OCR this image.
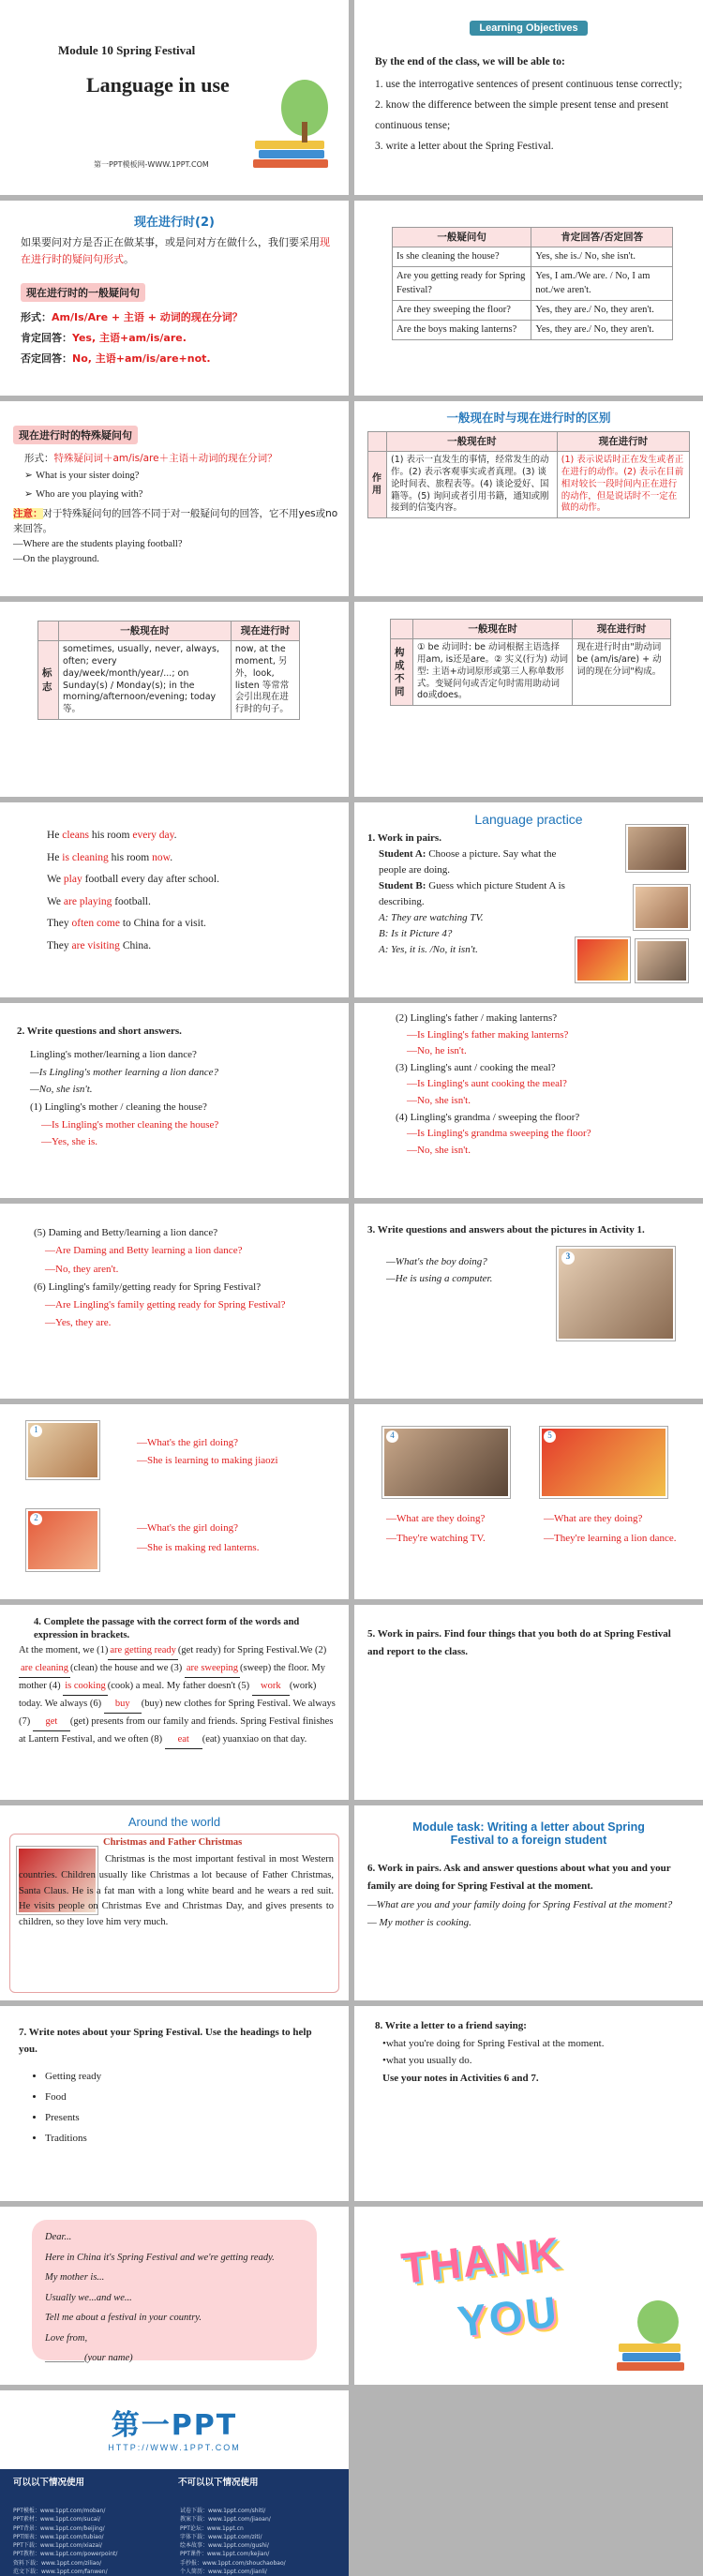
Module 10 Spring Festival
Language in use
第一PPT模板网-WWW.1PPT.COM
Learning Objectives
By the end of the class, we will be able to:
1. use the interrogative sentences of present continuous tense correctly;
2. know the difference between the simple present tense and present continuous tense;
3. write a letter about the Spring Festival.
现在进行时(2)
如果要问对方是否正在做某事，或是问对方在做什么，我们要采用现在进行时的疑问句形式。
现在进行时的一般疑问句
形式：Am/Is/Are + 主语 + 动词的现在分词？
肯定回答：Yes, 主语+am/is/are.
否定回答：No, 主语+am/is/are+not.
一般疑问句	肯定回答/否定回答
Is she cleaning the house?	Yes, she is./ No, she isn't.
Are you getting ready for Spring Festival?	Yes, I am./We are. / No, I am not./we aren't.
Are they sweeping the floor?	Yes, they are./ No, they aren't.
Are the boys making lanterns?	Yes, they are./ No, they aren't.
现在进行时的特殊疑问句
形式：特殊疑问词＋am/is/are＋主语＋动词的现在分词？
➢ What is your sister doing?
➢ Who are you playing with?
注意：对于特殊疑问句的回答不同于对一般疑问句的回答，它不用yes或no来回答。
—Where are the students playing football?
—On the playground.
一般现在时与现在进行时的区别
	一般现在时	现在进行时
作用	(1) 表示一直发生的事情，经常发生的动作。(2) 表示客观事实或者真理。(3) 谈论时间表、旅程表等。(4) 谈论爱好、国籍等。(5) 询问或者引用书籍，通知或刚接到的信笺内容。	(1) 表示说话时正在发生或者正在进行的动作。(2) 表示在目前相对较长一段时间内正在进行的动作，但是说话时不一定在做的动作。
	一般现在时	现在进行时
标志	sometimes, usually, never, always, often; every day/week/month/year/...; on Sunday(s) / Monday(s); in the morning/afternoon/evening; today 等。	now, at the moment, 另外，look, listen 等常常会引出现在进行时的句子。
	一般现在时	现在进行时
构成不同	① be 动词时: be 动词根据主语选择用am, is还是are。② 实义(行为) 动词型: 主语+动词原形或第三人称单数形式。变疑问句或否定句时需用助动词do或does。	现在进行时由"助动词be (am/is/are) + 动词的现在分词"构成。
He cleans his room every day.
He is cleaning his room now.
We play football every day after school.
We are playing football.
They often come to China for a visit.
They are visiting China.
Language practice
1. Work in pairs.
Student A: Choose a picture. Say what the people are doing.
Student B: Guess which picture Student A is describing.
A: They are watching TV.
B: Is it Picture 4?
A: Yes, it is. /No, it isn't.
2. Write questions and short answers.
Lingling's mother/learning a lion dance?
—Is Lingling's mother learning a lion dance?
—No, she isn't.
(1) Lingling's mother / cleaning the house?
—Is Lingling's mother cleaning the house?
—Yes, she is.
(2) Lingling's father / making lanterns?
—Is Lingling's father making lanterns?
—No, he isn't.
(3) Lingling's aunt / cooking the meal?
—Is Lingling's aunt cooking the meal?
—No, she isn't.
(4) Lingling's grandma / sweeping the floor?
—Is Lingling's grandma sweeping the floor?
—No, she isn't.
(5) Daming and Betty/learning a lion dance?
—Are Daming and Betty learning a lion dance?
—No, they aren't.
(6) Lingling's family/getting ready for Spring Festival?
—Are Lingling's family getting ready for Spring Festival?
—Yes, they are.
3. Write questions and answers about the pictures in Activity 1.
—What's the boy doing?
—He is using a computer.
3
1
—What's the girl doing?
—She is learning to making jiaozi
2
—What's the girl doing?
—She is making red lanterns.
4	5
—What are they doing?
—They're watching TV.
—What are they doing?
—They're learning a lion dance.
4. Complete the passage with the correct form of the words and expression in brackets.
At the moment, we (1) are getting ready (get ready) for Spring Festival.We (2) are cleaning (clean) the house and we (3) are sweeping (sweep) the floor. My mother (4) is cooking (cook) a meal. My father doesn't (5) work (work) today. We always (6) buy (buy) new clothes for Spring Festival. We always (7) get (get) presents from our family and friends. Spring Festival finishes at Lantern Festival, and we often (8) eat (eat) yuanxiao on that day.
5. Work in pairs. Find four things that you both do at Spring Festival and report to the class.
Around the world
Christmas and Father Christmas
Christmas is the most important festival in most Western countries. Children usually like Christmas a lot because of Father Christmas, Santa Claus. He is a fat man with a long white beard and he wears a red suit. He visits people on Christmas Eve and Christmas Day, and gives presents to children, so they love him very much.
Module task: Writing a letter about Spring Festival to a foreign student
6. Work in pairs. Ask and answer questions about what you and your family are doing for Spring Festival at the moment.
—What are you and your family doing for Spring Festival at the moment?
— My mother is cooking.
7. Write notes about your Spring Festival. Use the headings to help you.
• Getting ready
• Food
• Presents
• Traditions
8. Write a letter to a friend saying:
•what you're doing for Spring Festival at the moment.
•what you usually do.
Use your notes in Activities 6 and 7.
Dear...
Here in China it's Spring Festival and we're getting ready.
My mother is...
Usually we...and we...
Tell me about a festival in your country.
Love from,
________(your name)
THANK
YOU
第一PPT
HTTP://WWW.1PPT.COM
可以以下情况使用	不可以以下情况使用
PPT模板：www.1ppt.com/moban/
PPT素材：www.1ppt.com/sucai/
PPT背景：www.1ppt.com/beijing/
PPT图表：www.1ppt.com/tubiao/
PPT下载：www.1ppt.com/xiazai/
PPT教程：www.1ppt.com/powerpoint/
资料下载：www.1ppt.com/ziliao/
范文下载：www.1ppt.com/fanwen/
试卷下载：www.1ppt.com/shiti/
教案下载：www.1ppt.com/jiaoan/
PPT论坛：www.1ppt.cn
字体下载：www.1ppt.com/ziti/
绘本故事：www.1ppt.com/gushi/
PPT课件：www.1ppt.com/kejian/
手抄报：www.1ppt.com/shouchaobao/
个人简历：www.1ppt.com/jianli/
